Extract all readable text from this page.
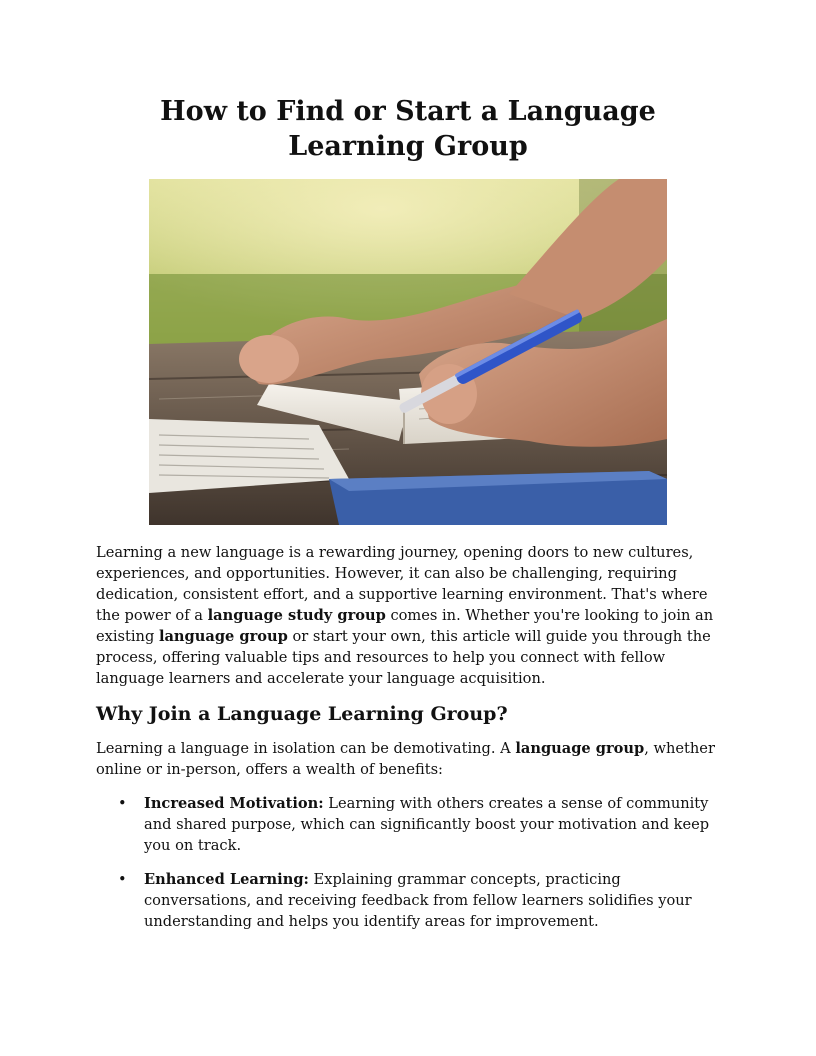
How to Find or Start a Language Learning Group

Learning a new language is a rewarding journey, opening doors to new cultures, experiences, and opportunities. However, it can also be challenging, requiring dedication, consistent effort, and a supportive learning environment. That's where the power of a language study group comes in. Whether you're looking to join an existing language group or start your own, this article will guide you through the process, offering valuable tips and resources to help you connect with fellow language learners and accelerate your language acquisition.

Why Join a Language Learning Group?

Learning a language in isolation can be demotivating. A language group, whether online or in-person, offers a wealth of benefits:

• Increased Motivation: Learning with others creates a sense of community and shared purpose, which can significantly boost your motivation and keep you on track.
• Enhanced Learning: Explaining grammar concepts, practicing conversations, and receiving feedback from fellow learners solidifies your understanding and helps you identify areas for improvement.
